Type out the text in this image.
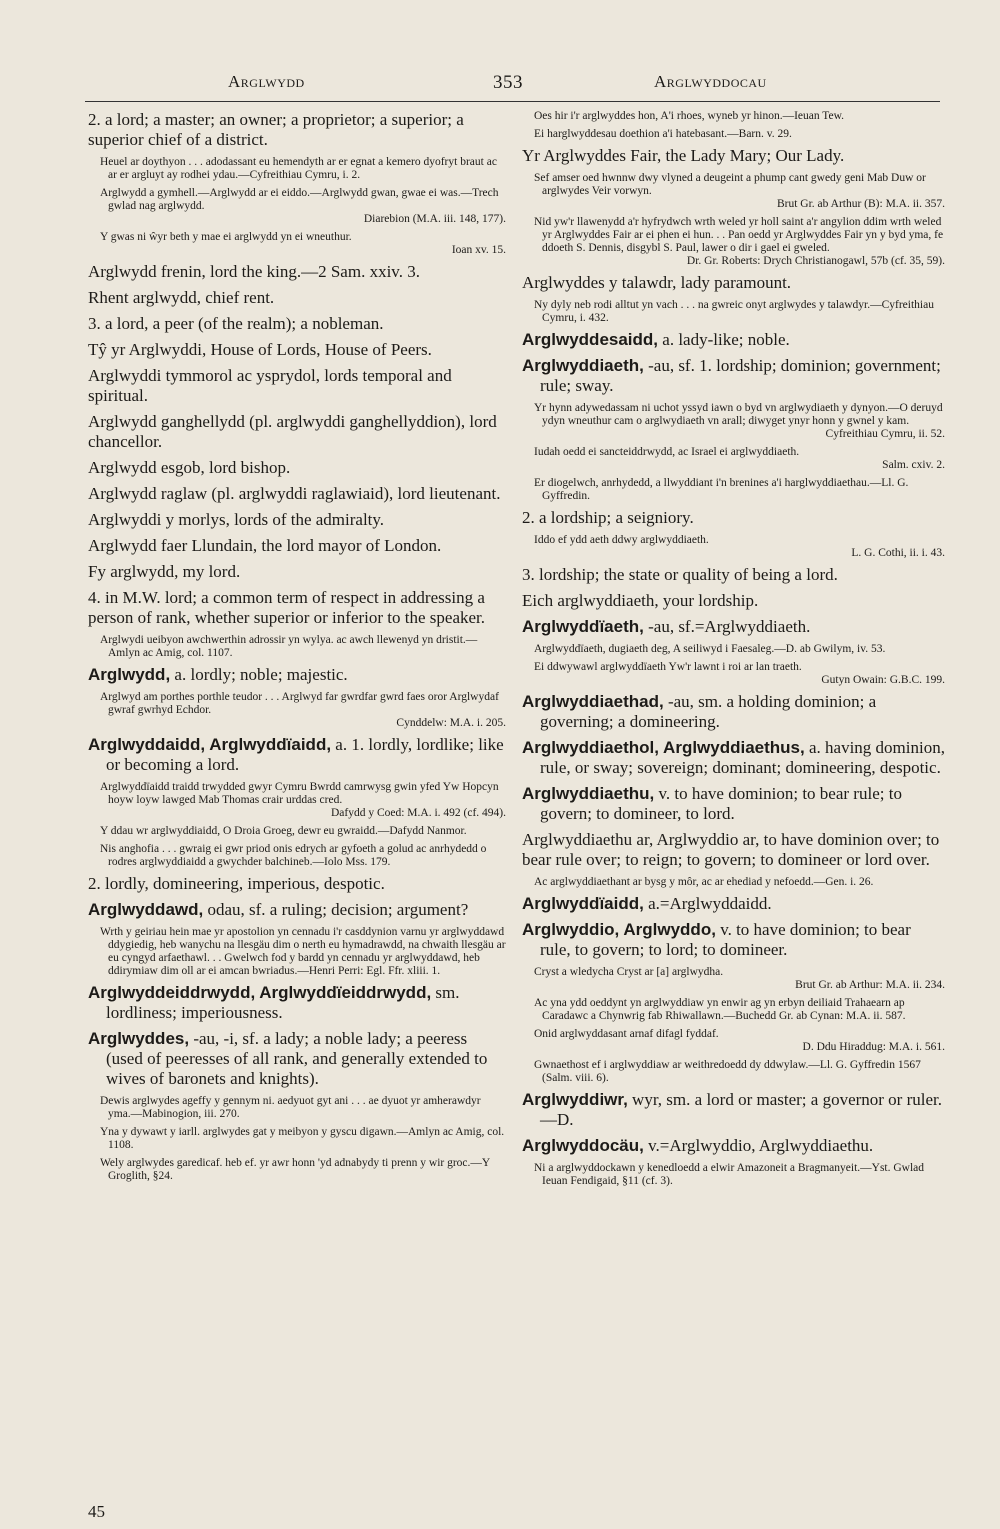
Arglwydd	353	Arglwyddocau

2. a lord; a master; an owner; a proprietor; a superior; a superior chief of a district.

Heuel ar doythyon . . . adodassant eu hemendyth ar er egnat a kemero dyofryt braut ac ar er argluyt ay rodhei ydau.—Cyfreithiau Cymru, i. 2.

Arglwydd a gymhell.—Arglwydd ar ei eiddo.—Arglwydd gwan, gwae ei was.—Trech gwlad nag arglwydd.
Diarebion (M.A. iii. 148, 177).

Y gwas ni ŵyr beth y mae ei arglwydd yn ei wneuthur.
Ioan xv. 15.

Arglwydd frenin, lord the king.—2 Sam. xxiv. 3.

Rhent arglwydd, chief rent.

3. a lord, a peer (of the realm); a nobleman.

Tŷ yr Arglwyddi, House of Lords, House of Peers.

Arglwyddi tymmorol ac ysprydol, lords temporal and spiritual.

Arglwydd ganghellydd (pl. arglwyddi ganghellyddion), lord chancellor.

Arglwydd esgob, lord bishop.

Arglwydd raglaw (pl. arglwyddi raglawiaid), lord lieutenant.

Arglwyddi y morlys, lords of the admiralty.

Arglwydd faer Llundain, the lord mayor of London.

Fy arglwydd, my lord.

4. in M.W. lord; a common term of respect in addressing a person of rank, whether superior or inferior to the speaker.

Arglwydi ueibyon awchwerthin adrossir yn wylya. ac awch llewenyd yn dristit.—Amlyn ac Amig, col. 1107.

Arglwydd, a. lordly; noble; majestic.

Arglwyd am porthes porthle teudor . . . Arglwyd far gwrdfar gwrd faes oror Arglwydaf gwraf gwrhyd Echdor.
Cynddelw: M.A. i. 205.

Arglwyddaidd, Arglwyddïaidd, a. 1. lordly, lordlike; like or becoming a lord.

Arglwyddïaidd traidd trwydded gwyr Cymru Bwrdd camrwysg gwin yfed Yw Hopcyn hoyw loyw lawged Mab Thomas crair urddas cred.
Dafydd y Coed: M.A. i. 492 (cf. 494).

Y ddau wr arglwyddiaidd, O Droia Groeg, dewr eu gwraidd.—Dafydd Nanmor.

Nis anghofia . . . gwraig ei gwr priod onis edrych ar gyfoeth a golud ac anrhydedd o rodres arglwyddiaidd a gwychder balchineb.—Iolo Mss. 179.

2. lordly, domineering, imperious, despotic.

Arglwyddawd, odau, sf. a ruling; decision; argument?

Wrth y geiriau hein mae yr apostolion yn cennadu i'r casddynion varnu yr arglwyddawd ddygiedig, heb wanychu na llesgäu dim o nerth eu hymadrawdd, na chwaith llesgäu ar eu cyngyd arfaethawl. . . Gwelwch fod y bardd yn cennadu yr arglwyddawd, heb ddirymiaw dim oll ar ei amcan bwriadus.—Henri Perri: Egl. Ffr. xliii. 1.

Arglwyddeiddrwydd, Arglwyddïeiddrwydd, sm. lordliness; imperiousness.

Arglwyddes, -au, -i, sf. a lady; a noble lady; a peeress (used of peeresses of all rank, and generally extended to wives of baronets and knights).

Dewis arglwydes ageffy y gennym ni. aedyuot gyt ani . . . ae dyuot yr amherawdyr yma.—Mabinogion, iii. 270.

Yna y dywawt y iarll. arglwydes gat y meibyon y gyscu digawn.—Amlyn ac Amig, col. 1108.

Wely arglwydes garedicaf. heb ef. yr awr honn 'yd adnabydy ti prenn y wir groc.—Y Groglith, §24.

Oes hir i'r arglwyddes hon, A'i rhoes, wyneb yr hinon.—Ieuan Tew.

Ei harglwyddesau doethion a'i hatebasant.—Barn. v. 29.

Yr Arglwyddes Fair, the Lady Mary; Our Lady.

Sef amser oed hwnnw dwy vlyned a deugeint a phump cant gwedy geni Mab Duw or arglwydes Veir vorwyn.
Brut Gr. ab Arthur (B): M.A. ii. 357.

Nid yw'r llawenydd a'r hyfrydwch wrth weled yr holl saint a'r angylion ddim wrth weled yr Arglwyddes Fair ar ei phen ei hun. . . Pan oedd yr Arglwyddes Fair yn y byd yma, fe ddoeth S. Dennis, disgybl S. Paul, lawer o dir i gael ei gweled.
Dr. Gr. Roberts: Drych Christianogawl, 57b (cf. 35, 59).

Arglwyddes y talawdr, lady paramount.

Ny dyly neb rodi alltut yn vach . . . na gwreic onyt arglwydes y talawdyr.—Cyfreithiau Cymru, i. 432.

Arglwyddesaidd, a. lady-like; noble.

Arglwyddiaeth, -au, sf. 1. lordship; dominion; government; rule; sway.

Yr hynn adywedassam ni uchot yssyd iawn o byd vn arglwydiaeth y dynyon.—O deruyd ydyn wneuthur cam o arglwydiaeth vn arall; diwyget ynyr honn y gwnel y kam.
Cyfreithiau Cymru, ii. 52.

Iudah oedd ei sancteiddrwydd, ac Israel ei arglwyddiaeth.
Salm. cxiv. 2.

Er diogelwch, anrhydedd, a llwyddiant i'n brenines a'i harglwyddiaethau.—Ll. G. Gyffredin.

2. a lordship; a seigniory.

Iddo ef ydd aeth ddwy arglwyddiaeth.
L. G. Cothi, ii. i. 43.

3. lordship; the state or quality of being a lord.

Eich arglwyddiaeth, your lordship.

Arglwyddïaeth, -au, sf.=Arglwyddiaeth.

Arglwyddïaeth, dugiaeth deg, A seiliwyd i Faesaleg.—D. ab Gwilym, iv. 53.

Ei ddwywawl arglwyddïaeth Yw'r lawnt i roi ar lan traeth.
Gutyn Owain: G.B.C. 199.

Arglwyddiaethad, -au, sm. a holding dominion; a governing; a domineering.

Arglwyddiaethol, Arglwyddiaethus, a. having dominion, rule, or sway; sovereign; dominant; domineering, despotic.

Arglwyddiaethu, v. to have dominion; to bear rule; to govern; to domineer, to lord.

Arglwyddiaethu ar, Arglwyddio ar, to have dominion over; to bear rule over; to reign; to govern; to domineer or lord over.

Ac arglwyddiaethant ar bysg y môr, ac ar ehediad y nefoedd.—Gen. i. 26.

Arglwyddïaidd, a.=Arglwyddaidd.

Arglwyddio, Arglwyddo, v. to have dominion; to bear rule, to govern; to lord; to domineer.

Cryst a wledycha Cryst ar [a] arglwydha.
Brut Gr. ab Arthur: M.A. ii. 234.

Ac yna ydd oeddynt yn arglwyddiaw yn enwir ag yn erbyn deiliaid Trahaearn ap Caradawc a Chynwrig fab Rhiwallawn.—Buchedd Gr. ab Cynan: M.A. ii. 587.

Onid arglwyddasant arnaf difagl fyddaf.
D. Ddu Hiraddug: M.A. i. 561.

Gwnaethost ef i arglwyddiaw ar weithredoedd dy ddwylaw.—Ll. G. Gyffredin 1567 (Salm. viii. 6).

Arglwyddiwr, wyr, sm. a lord or master; a governor or ruler.—D.

Arglwyddocäu, v.=Arglwyddio, Arglwyddiaethu.

Ni a arglwyddockawn y kenedloedd a elwir Amazoneit a Bragmanyeit.—Yst. Gwlad Ieuan Fendigaid, §11 (cf. 3).

45
